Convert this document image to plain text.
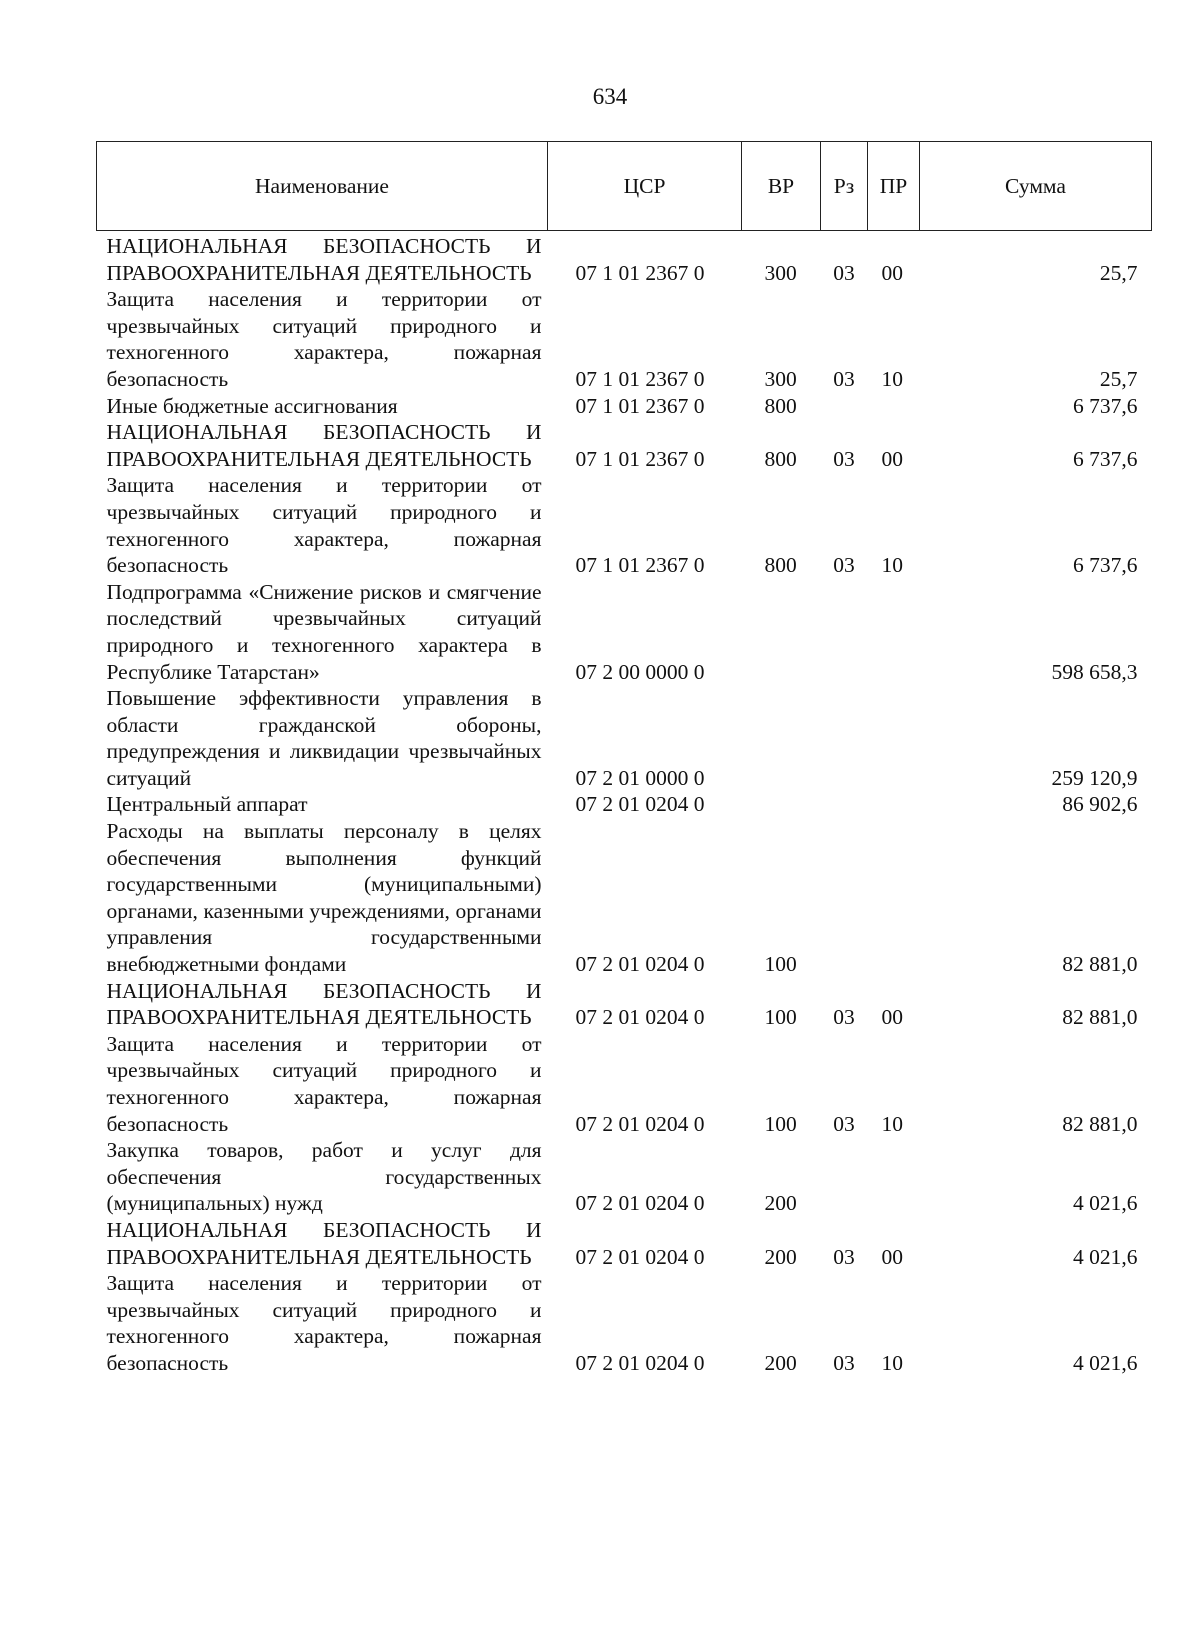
634
Наименование	ЦСР	ВР	Рз	ПР	Сумма
НАЦИОНАЛЬНАЯ БЕЗОПАСНОСТЬ И ПРАВООХРАНИТЕЛЬНАЯ ДЕЯТЕЛЬНОСТЬ	07 1 01 2367 0	300	03	00	25,7
Защита населения и территории от чрезвычайных ситуаций природного и техногенного характера, пожарная безопасность	07 1 01 2367 0	300	03	10	25,7
Иные бюджетные ассигнования	07 1 01 2367 0	800			6 737,6
НАЦИОНАЛЬНАЯ БЕЗОПАСНОСТЬ И ПРАВООХРАНИТЕЛЬНАЯ ДЕЯТЕЛЬНОСТЬ	07 1 01 2367 0	800	03	00	6 737,6
Защита населения и территории от чрезвычайных ситуаций природного и техногенного характера, пожарная безопасность	07 1 01 2367 0	800	03	10	6 737,6
Подпрограмма «Снижение рисков и смягчение последствий чрезвычайных ситуаций природного и техногенного характера в Республике Татарстан»	07 2 00 0000 0				598 658,3
Повышение эффективности управления в области гражданской обороны, предупреждения и ликвидации чрезвычайных ситуаций	07 2 01 0000 0				259 120,9
Центральный аппарат	07 2 01 0204 0				86 902,6
Расходы на выплаты персоналу в целях обеспечения выполнения функций государственными (муниципальными) органами, казенными учреждениями, органами управления государственными внебюджетными фондами	07 2 01 0204 0	100			82 881,0
НАЦИОНАЛЬНАЯ БЕЗОПАСНОСТЬ И ПРАВООХРАНИТЕЛЬНАЯ ДЕЯТЕЛЬНОСТЬ	07 2 01 0204 0	100	03	00	82 881,0
Защита населения и территории от чрезвычайных ситуаций природного и техногенного характера, пожарная безопасность	07 2 01 0204 0	100	03	10	82 881,0
Закупка товаров, работ и услуг для обеспечения государственных (муниципальных) нужд	07 2 01 0204 0	200			4 021,6
НАЦИОНАЛЬНАЯ БЕЗОПАСНОСТЬ И ПРАВООХРАНИТЕЛЬНАЯ ДЕЯТЕЛЬНОСТЬ	07 2 01 0204 0	200	03	00	4 021,6
Защита населения и территории от чрезвычайных ситуаций природного и техногенного характера, пожарная безопасность	07 2 01 0204 0	200	03	10	4 021,6
